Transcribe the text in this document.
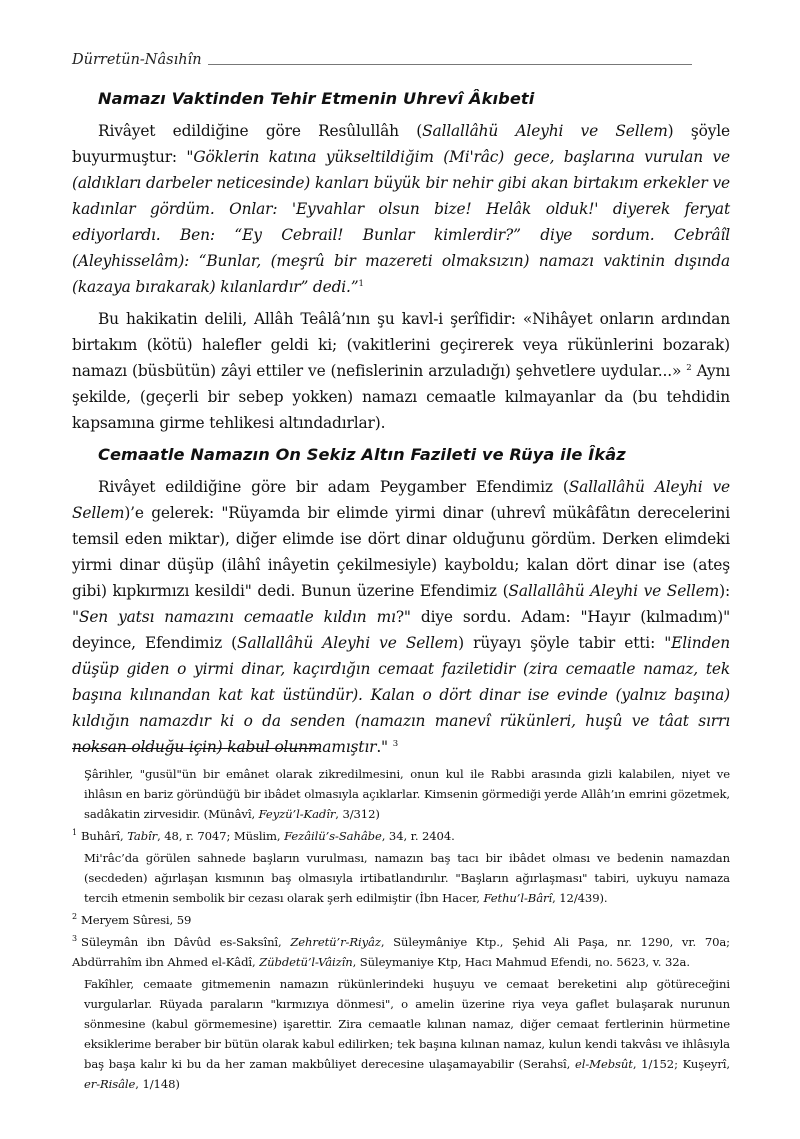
Dürretün-Nâsıhîn
Namazı Vaktinden Tehir Etmenin Uhrevî Âkıbeti

Rivâyet edildiğine göre Resûlullâh (Sallallâhü Aleyhi ve Sellem) şöyle buyurmuştur: "Göklerin katına yükseltildiğim (Mi'râc) gece, başlarına vurulan ve (aldıkları darbeler neticesinde) kanları büyük bir nehir gibi akan birtakım erkekler ve kadınlar gördüm. Onlar: 'Eyvahlar olsun bize! Helâk olduk!' diyerek feryat ediyorlardı. Ben: “Ey Cebrail! Bunlar kimlerdir?” diye sordum. Cebrâîl (Aleyhisselâm): “Bunlar, (meşrû bir mazereti olmaksızın) namazı vaktinin dışında (kazaya bırakarak) kılanlardır” dedi.”$^1$

Bu hakikatin delili, Allâh Teâlâ’nın şu kavl-i şerîfidir: «Nihâyet onların ardından birtakım (kötü) halefler geldi ki; (vakitlerini geçirerek veya rükünlerini bozarak) namazı (büsbütün) zâyi ettiler ve (nefislerinin arzuladığı) şehvetlere uydular...» $^2$ Aynı şekilde, (geçerli bir sebep yokken) namazı cemaatle kılmayanlar da (bu tehdidin kapsamına girme tehlikesi altındadırlar).

Cemaatle Namazın On Sekiz Altın Fazileti ve Rüya ile Îkâz

Rivâyet edildiğine göre bir adam Peygamber Efendimiz (Sallallâhü Aleyhi ve Sellem)’e gelerek: "Rüyamda bir elimde yirmi dinar (uhrevî mükâfâtın derecelerini temsil eden miktar), diğer elimde ise dört dinar olduğunu gördüm. Derken elimdeki yirmi dinar düşüp (ilâhî inâyetin çekilmesiyle) kayboldu; kalan dört dinar ise (ateş gibi) kıpkırmızı kesildi" dedi. Bunun üzerine Efendimiz (Sallallâhü Aleyhi ve Sellem): "Sen yatsı namazını cemaatle kıldın mı?" diye sordu. Adam: "Hayır (kılmadım)" deyince, Efendimiz (Sallallâhü Aleyhi ve Sellem) rüyayı şöyle tabir etti: "Elinden düşüp giden o yirmi dinar, kaçırdığın cemaat faziletidir (zira cemaatle namaz, tek başına kılınandan kat kat üstündür). Kalan o dört dinar ise evinde (yalnız başına) kıldığın namazdır ki o da senden (namazın manevî rükünleri, huşû ve tâat sırrı noksan olduğu için) kabul olunmamıştır." $^3$

Şârihler, "gusül"ün bir emânet olarak zikredilmesini, onun kul ile Rabbi arasında gizli kalabilen, niyet ve ihlâsın en bariz göründüğü bir ibâdet olmasıyla açıklarlar. Kimsenin görmediği yerde Allâh’ın emrini gözetmek, sadâkatin zirvesidir. (Münâvî, Feyzü’l-Kadîr, 3/312)

$^1$ Buhârî, Tabîr, 48, r. 7047; Müslim, Fezâilü’s-Sahâbe, 34, r. 2404.

Mi'râc’da görülen sahnede başların vurulması, namazın baş tacı bir ibâdet olması ve bedenin namazdan (secdeden) ağırlaşan kısmının baş olmasıyla irtibatlandırılır. "Başların ağırlaşması" tabiri, uykuyu namaza tercih etmenin sembolik bir cezası olarak şerh edilmiştir (İbn Hacer, Fethu’l-Bârî, 12/439).

$^2$ Meryem Sûresi, 59

$^3$ Süleymân ibn Dâvûd es-Saksînî, Zehretü’r-Riyâz, Süleymâniye Ktp., Şehid Ali Paşa, nr. 1290, vr. 70a; Abdürrahîm ibn Ahmed el-Kâdî, Zübdetü’l-Vâizîn, Süleymaniye Ktp, Hacı Mahmud Efendi, no. 5623, v. 32a.

Fakîhler, cemaate gitmemenin namazın rükünlerindeki huşuyu ve cemaat bereketini alıp götüreceğini vurgularlar. Rüyada paraların "kırmızıya dönmesi", o amelin üzerine riya veya gaflet bulaşarak nurunun sönmesine (kabul görmemesine) işarettir. Zira cemaatle kılınan namaz, diğer cemaat fertlerinin hürmetine eksiklerime beraber bir bütün olarak kabul edilirken; tek başına kılınan namaz, kulun kendi takvâsı ve ihlâsıyla baş başa kalır ki bu da her zaman makbûliyet derecesine ulaşamayabilir (Serahsî, el-Mebsût, 1/152; Kuşeyrî, er-Risâle, 1/148)
